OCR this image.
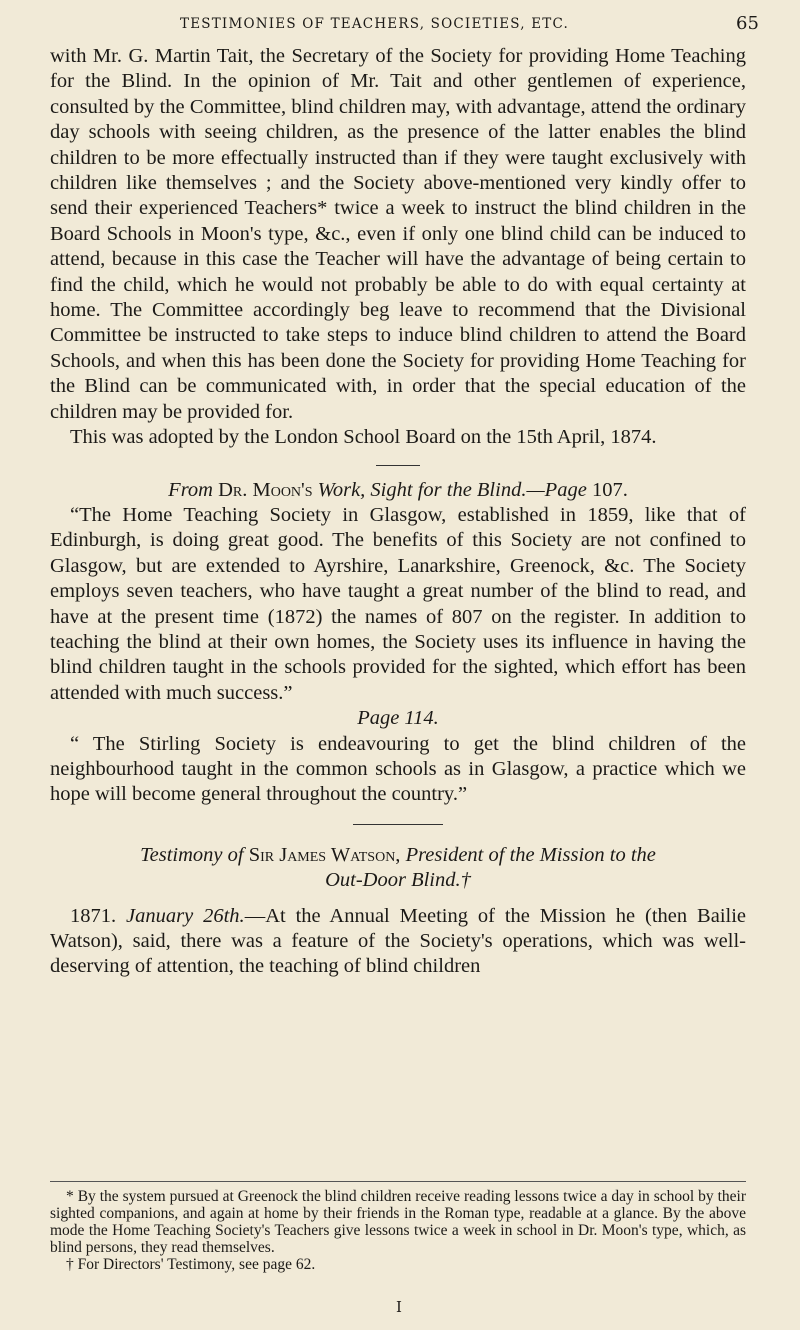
TESTIMONIES OF TEACHERS, SOCIETIES, ETC.	65

with Mr. G. Martin Tait, the Secretary of the Society for providing Home Teaching for the Blind. In the opinion of Mr. Tait and other gentlemen of experience, consulted by the Committee, blind children may, with advantage, attend the ordinary day schools with seeing children, as the presence of the latter enables the blind children to be more effectually instructed than if they were taught exclusively with children like themselves ; and the Society above-mentioned very kindly offer to send their experienced Teachers* twice a week to instruct the blind children in the Board Schools in Moon's type, &c., even if only one blind child can be induced to attend, because in this case the Teacher will have the advantage of being certain to find the child, which he would not probably be able to do with equal certainty at home. The Committee accordingly beg leave to recommend that the Divisional Committee be instructed to take steps to induce blind children to attend the Board Schools, and when this has been done the Society for providing Home Teaching for the Blind can be communicated with, in order that the special education of the children may be provided for.

This was adopted by the London School Board on the 15th April, 1874.

From Dr. Moon's Work, Sight for the Blind.—Page 107.

“The Home Teaching Society in Glasgow, established in 1859, like that of Edinburgh, is doing great good. The benefits of this Society are not confined to Glasgow, but are extended to Ayrshire, Lanarkshire, Greenock, &c. The Society employs seven teachers, who have taught a great number of the blind to read, and have at the present time (1872) the names of 807 on the register. In addition to teaching the blind at their own homes, the Society uses its influence in having the blind children taught in the schools provided for the sighted, which effort has been attended with much success.”

Page 114.

“ The Stirling Society is endeavouring to get the blind children of the neighbourhood taught in the common schools as in Glasgow, a practice which we hope will become general throughout the country.”

Testimony of Sir James Watson, President of the Mission to the
Out-Door Blind.†

1871. January 26th.—At the Annual Meeting of the Mission he (then Bailie Watson), said, there was a feature of the Society's operations, which was well-deserving of attention, the teaching of blind children

* By the system pursued at Greenock the blind children receive reading lessons twice a day in school by their sighted companions, and again at home by their friends in the Roman type, readable at a glance. By the above mode the Home Teaching Society's Teachers give lessons twice a week in school in Dr. Moon's type, which, as blind persons, they read themselves.

† For Directors' Testimony, see page 62.

I
